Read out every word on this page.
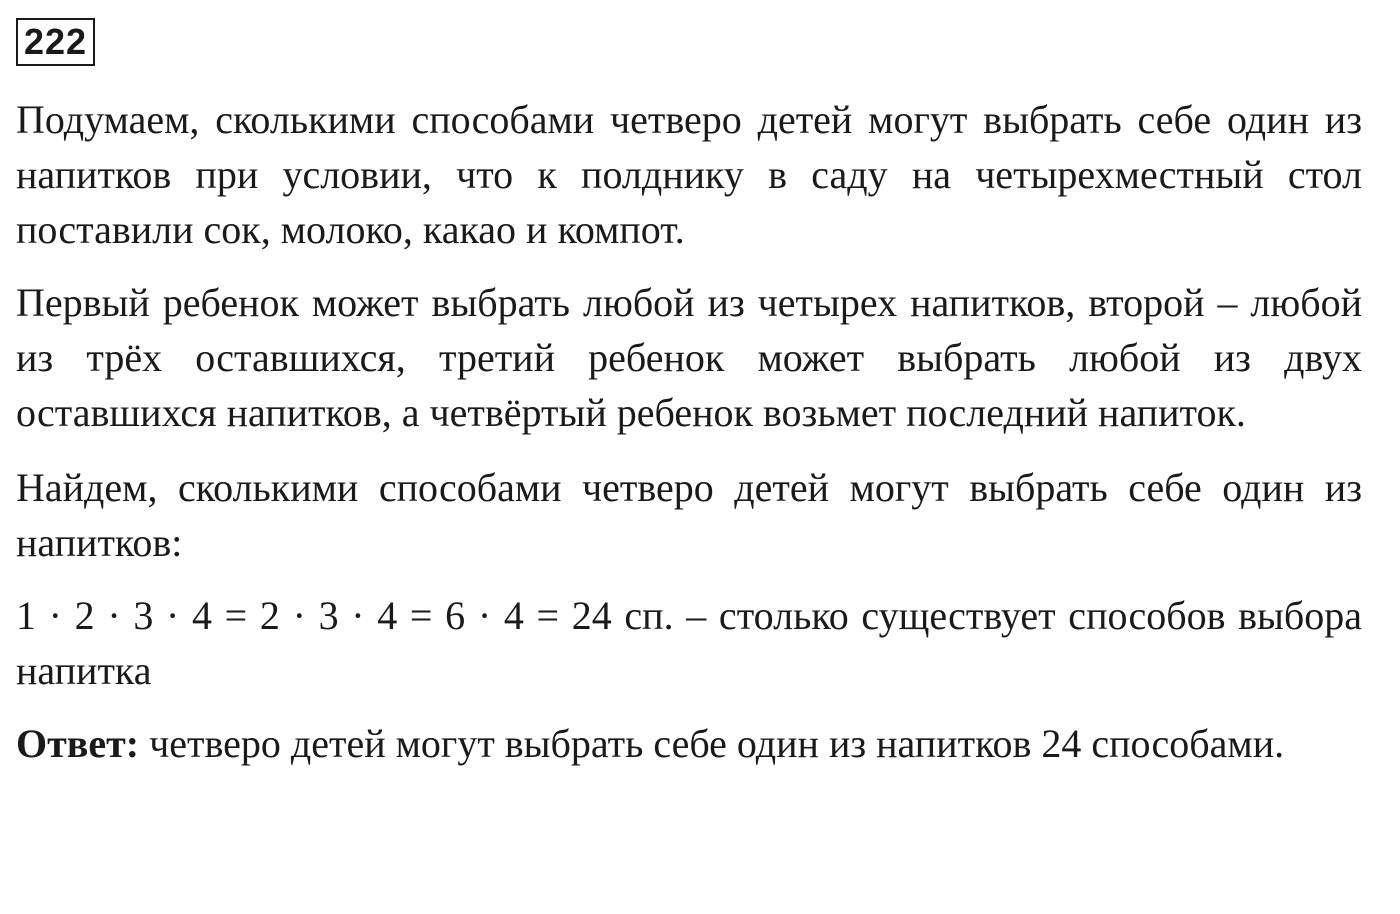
222

Подумаем, сколькими способами четверо детей могут выбрать себе один из напитков при условии, что к полднику в саду на четырехместный стол поставили сок, молоко, какао и компот.

Первый ребенок может выбрать любой из четырех напитков, второй – любой из трёх оставшихся, третий ребенок может выбрать любой из двух оставшихся напитков, а четвёртый ребенок возьмет последний напиток.

Найдем, сколькими способами четверо детей могут выбрать себе один из напитков:

1 · 2 · 3 · 4 = 2 · 3 · 4 = 6 · 4 = 24 сп. – столько существует способов выбора напитка

Ответ: четверо детей могут выбрать себе один из напитков 24 способами.
